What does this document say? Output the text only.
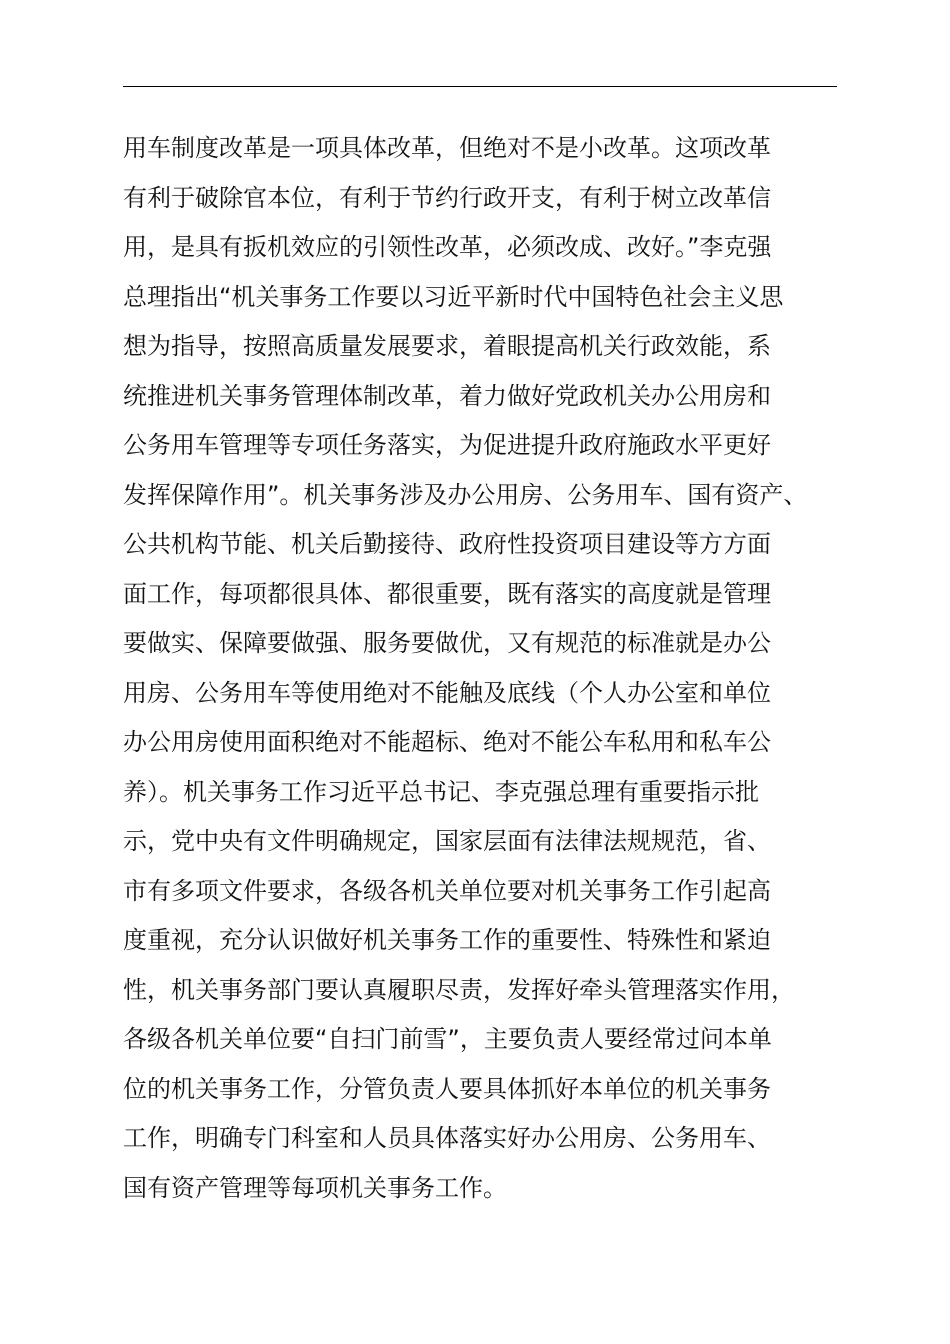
用车制度改革是一项具体改革，但绝对不是小改革。这项改革
有利于破除官本位，有利于节约行政开支，有利于树立改革信
用，是具有扳机效应的引领性改革，必须改成、改好。”李克强
总理指出“机关事务工作要以习近平新时代中国特色社会主义思
想为指导，按照高质量发展要求，着眼提高机关行政效能，系
统推进机关事务管理体制改革，着力做好党政机关办公用房和
公务用车管理等专项任务落实，为促进提升政府施政水平更好
发挥保障作用”。机关事务涉及办公用房、公务用车、国有资产、
公共机构节能、机关后勤接待、政府性投资项目建设等方方面
面工作，每项都很具体、都很重要，既有落实的高度就是管理
要做实、保障要做强、服务要做优，又有规范的标准就是办公
用房、公务用车等使用绝对不能触及底线（个人办公室和单位
办公用房使用面积绝对不能超标、绝对不能公车私用和私车公
养）。机关事务工作习近平总书记、李克强总理有重要指示批
示，党中央有文件明确规定，国家层面有法律法规规范，省、
市有多项文件要求，各级各机关单位要对机关事务工作引起高
度重视，充分认识做好机关事务工作的重要性、特殊性和紧迫
性，机关事务部门要认真履职尽责，发挥好牵头管理落实作用，
各级各机关单位要“自扫门前雪”，主要负责人要经常过问本单
位的机关事务工作，分管负责人要具体抓好本单位的机关事务
工作，明确专门科室和人员具体落实好办公用房、公务用车、
国有资产管理等每项机关事务工作。
